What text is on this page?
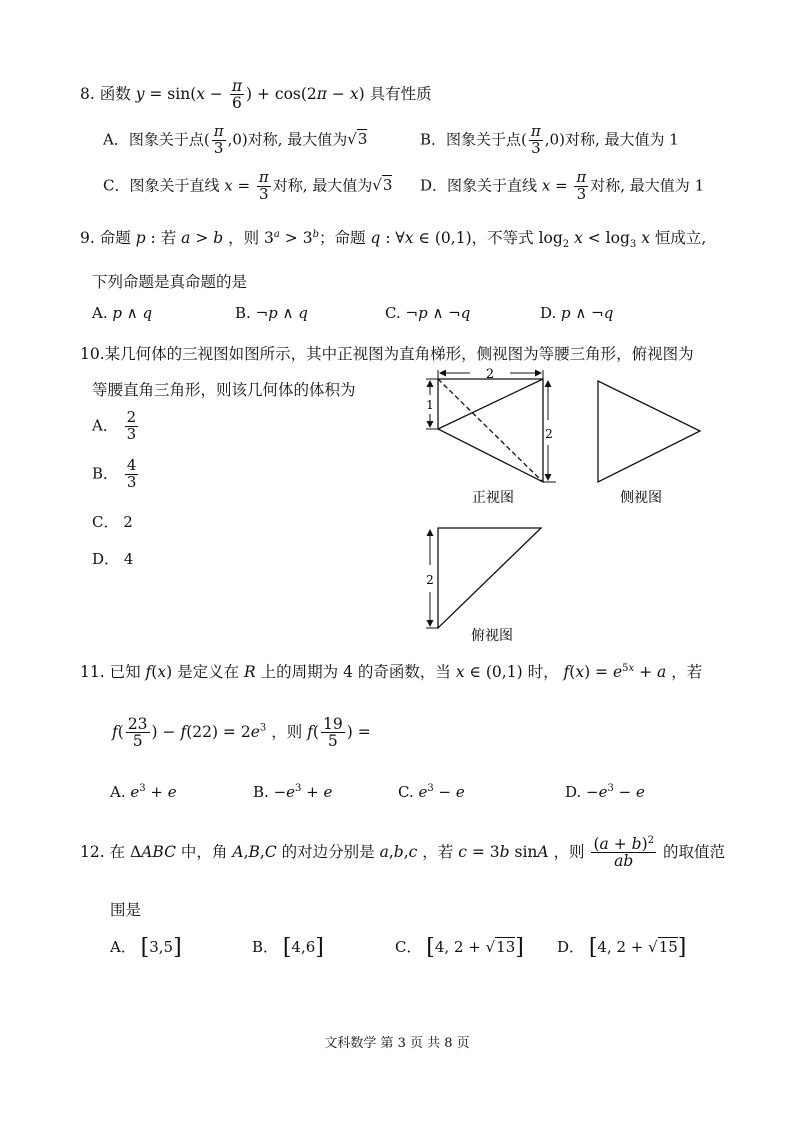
8. 函数 $y = \sin(x - \frac{\pi}{6}$ ) + cos(2π − x) 具有性质
A．图象关于点( $\frac{\pi}{3} ,0$)对称, 最大值为 √ 3	B．图象关于点( $\frac{\pi}{3} ,0$)对称, 最大值为 1
C．图象关于直线 $x = \frac{\pi}{3}$ 对称, 最大值为 √ 3 D．图象关于直线 $x = \frac{\pi}{3}$ 对称, 最大值为 1
9. 命题 p : 若 a > b ，则 $3^a > 3^b$；命题 q : ∀x ∈ (0,1)，不等式 $\log_2 x < \log_3 x$ 恒成立,
下列命题是真命题的是
A. p ∧ q	B. ¬p ∧ q	C. ¬p ∧ ¬q	D. p ∧ ¬q
10.某几何体的三视图如图所示，其中正视图为直角梯形，侧视图为等腰三角形，俯视图为
等腰直角三角形，则该几何体的体积为
A． $\frac{2}{3}$
B． $\frac{4}{3}$
C． 2
D． 4
2
1
2
正视图	侧视图
2
俯视图
11. 已知 f(x) 是定义在 R 上的周期为 4 的奇函数，当 x ∈ (0,1) 时， $f(x) = e^{5x} + a$ ，若
$f( \frac{23}{5}$ ) − $f(22) = 2e^3$ ，则 $f( \frac{19}{5}$ ) =
A. $e^3 + e$	B. $-e^3 + e$	C. $e^3 - e$	D. $-e^3 - e$
12. 在 ΔABC 中，角 A,B,C 的对边分别是 a,b,c ，若 c = 3b sinA ，则 $\frac{(a + b)^2}{ab}$ 的取值范
围是
A． [3,5]	B． [4,6]	C． [4, 2 + √ 13] D． [4, 2 + √ 15]
文科数学 第 3 页 共 8 页
